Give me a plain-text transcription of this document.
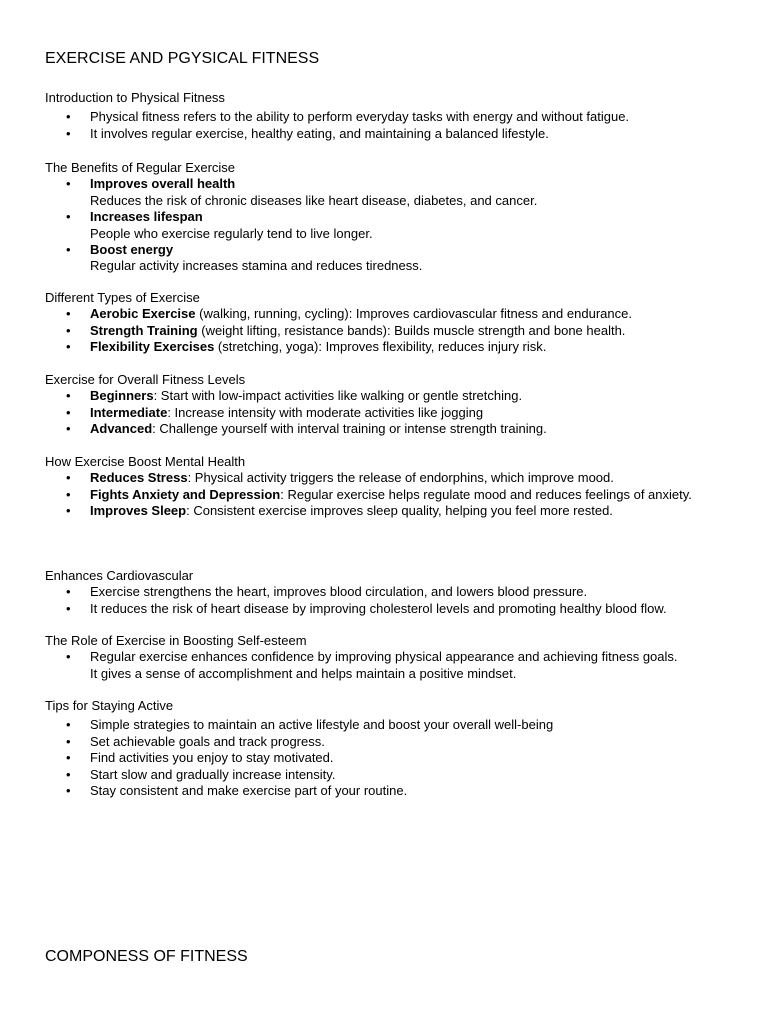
EXERCISE AND PGYSICAL FITNESS

Introduction to Physical Fitness

• Physical fitness refers to the ability to perform everyday tasks with energy and without fatigue.
• It involves regular exercise, healthy eating, and maintaining a balanced lifestyle.

The Benefits of Regular Exercise

• Improves overall health
Reduces the risk of chronic diseases like heart disease, diabetes, and cancer.
• Increases lifespan
People who exercise regularly tend to live longer.
• Boost energy
Regular activity increases stamina and reduces tiredness.

Different Types of Exercise

• Aerobic Exercise (walking, running, cycling): Improves cardiovascular fitness and endurance.
• Strength Training (weight lifting, resistance bands): Builds muscle strength and bone health.
• Flexibility Exercises (stretching, yoga): Improves flexibility, reduces injury risk.

Exercise for Overall Fitness Levels

• Beginners: Start with low-impact activities like walking or gentle stretching.
• Intermediate: Increase intensity with moderate activities like jogging
• Advanced: Challenge yourself with interval training or intense strength training.

How Exercise Boost Mental Health

• Reduces Stress: Physical activity triggers the release of endorphins, which improve mood.
• Fights Anxiety and Depression: Regular exercise helps regulate mood and reduces feelings of anxiety.
• Improves Sleep: Consistent exercise improves sleep quality, helping you feel more rested.

Enhances Cardiovascular

• Exercise strengthens the heart, improves blood circulation, and lowers blood pressure.
• It reduces the risk of heart disease by improving cholesterol levels and promoting healthy blood flow.

The Role of Exercise in Boosting Self-esteem

• Regular exercise enhances confidence by improving physical appearance and achieving fitness goals.
It gives a sense of accomplishment and helps maintain a positive mindset.

Tips for Staying Active

• Simple strategies to maintain an active lifestyle and boost your overall well-being
• Set achievable goals and track progress.
• Find activities you enjoy to stay motivated.
• Start slow and gradually increase intensity.
• Stay consistent and make exercise part of your routine.
COMPONESS OF FITNESS
